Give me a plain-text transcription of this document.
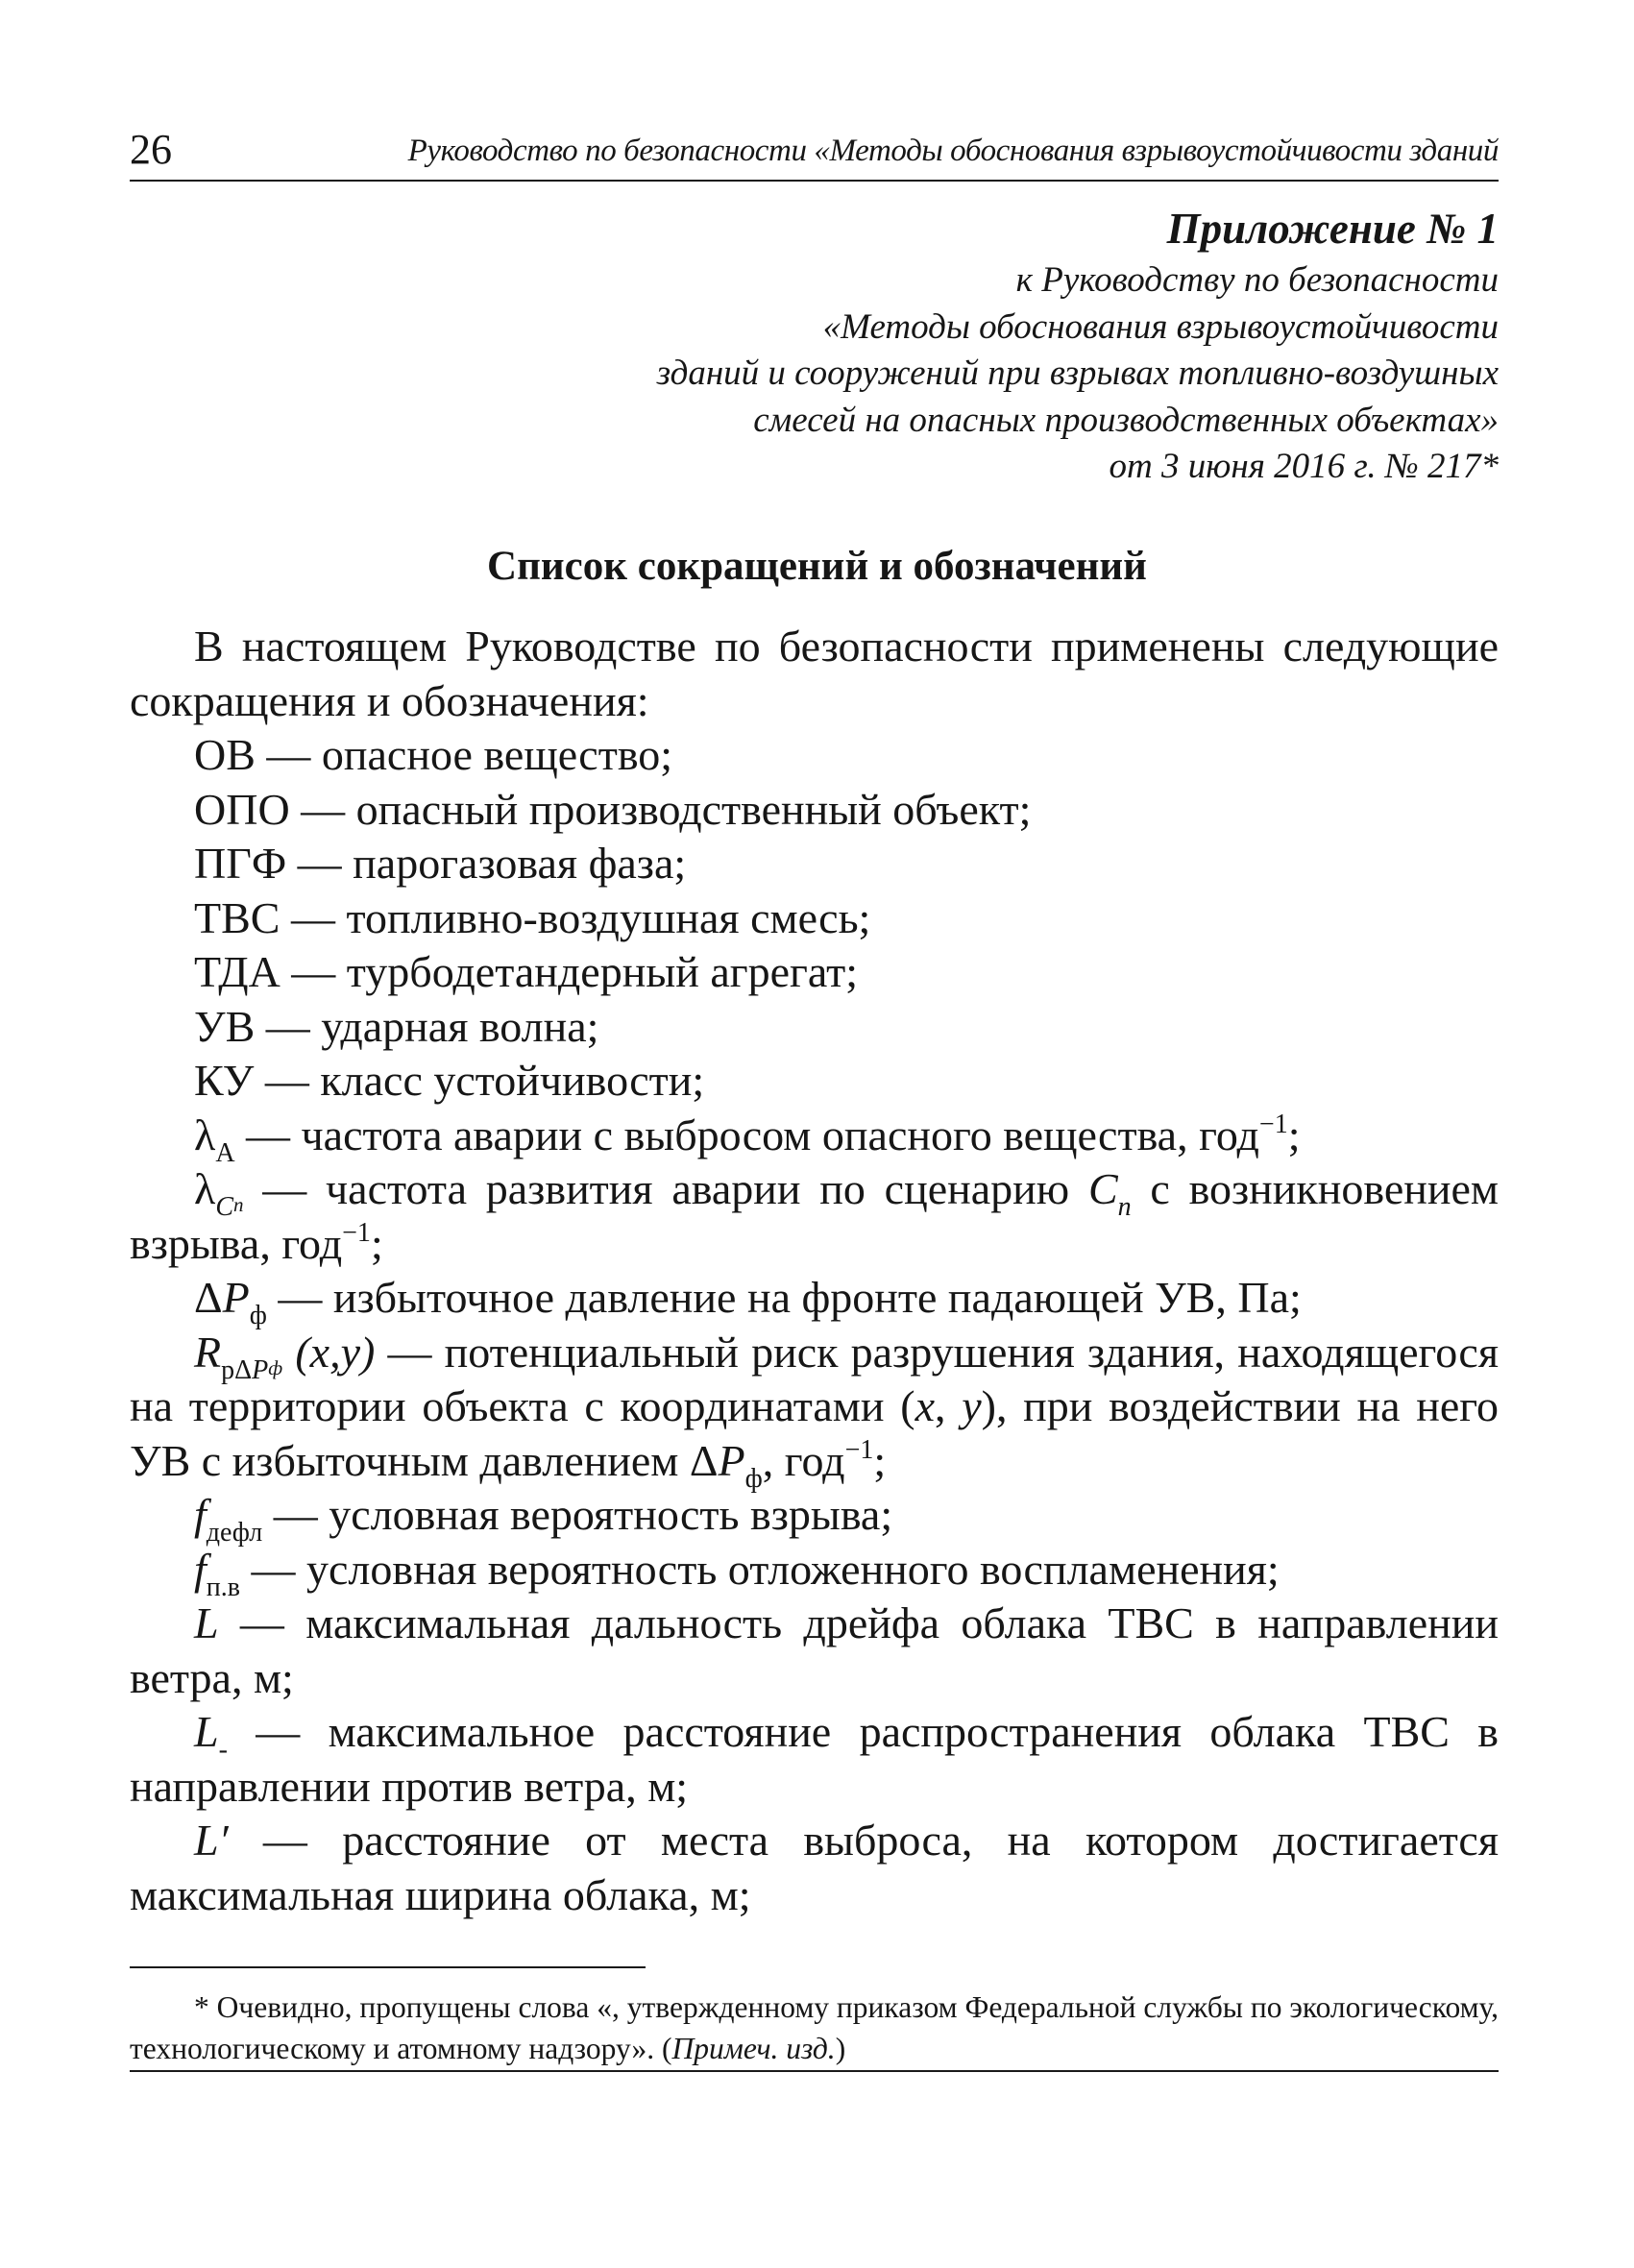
26	Руководство по безопасности «Методы обоснования взрывоустойчивости зданий
Приложение № 1
к Руководству по безопасности
«Методы обоснования взрывоустойчивости
зданий и сооружений при взрывах топливно-воздушных
смесей на опасных производственных объектах»
от 3 июня 2016 г. № 217*
Список сокращений и обозначений

В настоящем Руководстве по безопасности применены следующие сокращения и обозначения:

ОВ — опасное вещество;

ОПО — опасный производственный объект;

ПГФ — парогазовая фаза;

ТВС — топливно-воздушная смесь;

ТДА — турбодетандерный агрегат;

УВ — ударная волна;

КУ — класс устойчивости;

$\lambda_A$ — частота аварии с выбросом опасного вещества, год$^{-1}$;

$\lambda_Cn$ — частота развития аварии по сценарию $C_n$ с возникновением взрыва, год$^{-1}$;

$\Delta P_ф$ — избыточное давление на фронте падающей УВ, Па;

$R_{р\Delta P}ф$ (x,y) — потенциальный риск разрушения здания, находящегося на территории объекта с координатами (x, y), при воздействии на него УВ с избыточным давлением $\Delta P_ф$, год$^{-1}$;

$f_{дефл}$ — условная вероятность взрыва;

$f_{п.в}$ — условная вероятность отложенного воспламенения;

L — максимальная дальность дрейфа облака ТВС в направлении ветра, м;

$L_-$ — максимальное расстояние распространения облака ТВС в направлении против ветра, м;

L′ — расстояние от места выброса, на котором достигается максимальная ширина облака, м;

* Очевидно, пропущены слова «, утвержденному приказом Федеральной службы по экологическому, технологическому и атомному надзору». (Примеч. изд.)
